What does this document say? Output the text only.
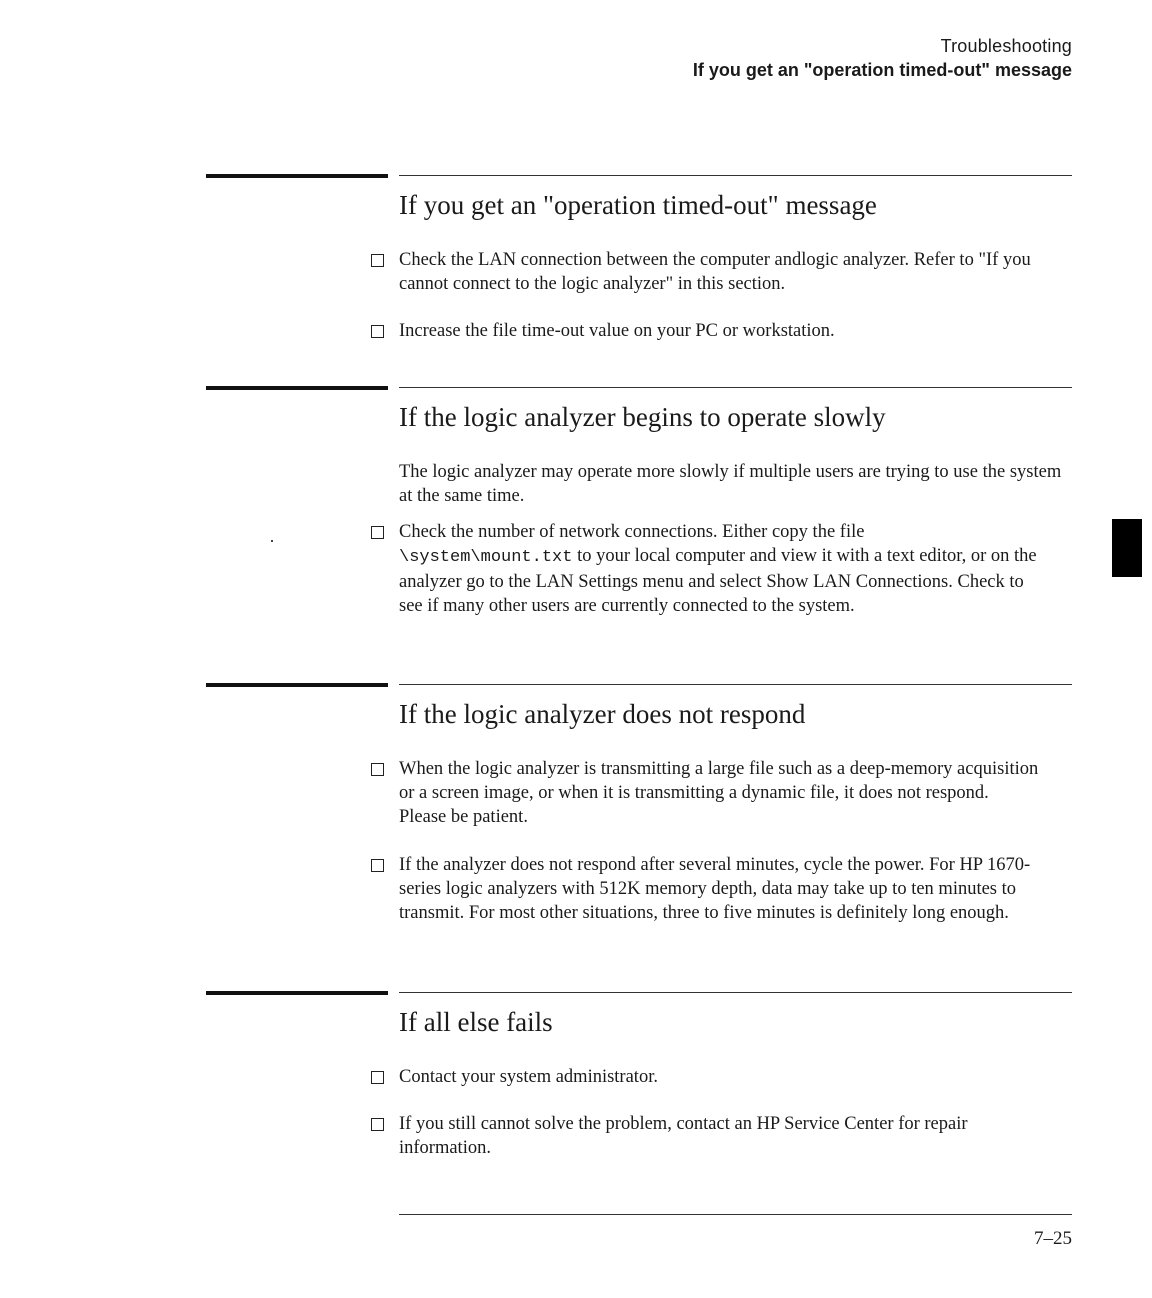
Troubleshooting
If you get an "operation timed-out" message
If you get an "operation timed-out" message

Check the LAN connection between the computer andlogic analyzer. Refer to "If you cannot connect to the logic analyzer" in this section.

Increase the file time-out value on your PC or workstation.

If the logic analyzer begins to operate slowly

The logic analyzer may operate more slowly if multiple users are trying to use the system at the same time.

Check the number of network connections. Either copy the file
\system\mount.txt to your local computer and view it with a text editor, or on the analyzer go to the LAN Settings menu and select Show LAN Connections. Check to see if many other users are currently connected to the system.

If the logic analyzer does not respond

When the logic analyzer is transmitting a large file such as a deep-memory acquisition or a screen image, or when it is transmitting a dynamic file, it does not respond. Please be patient.

If the analyzer does not respond after several minutes, cycle the power. For HP 1670-series logic analyzers with 512K memory depth, data may take up to ten minutes to transmit. For most other situations, three to five minutes is definitely long enough.

If all else fails

Contact your system administrator.

If you still cannot solve the problem, contact an HP Service Center for repair information.

7–25
